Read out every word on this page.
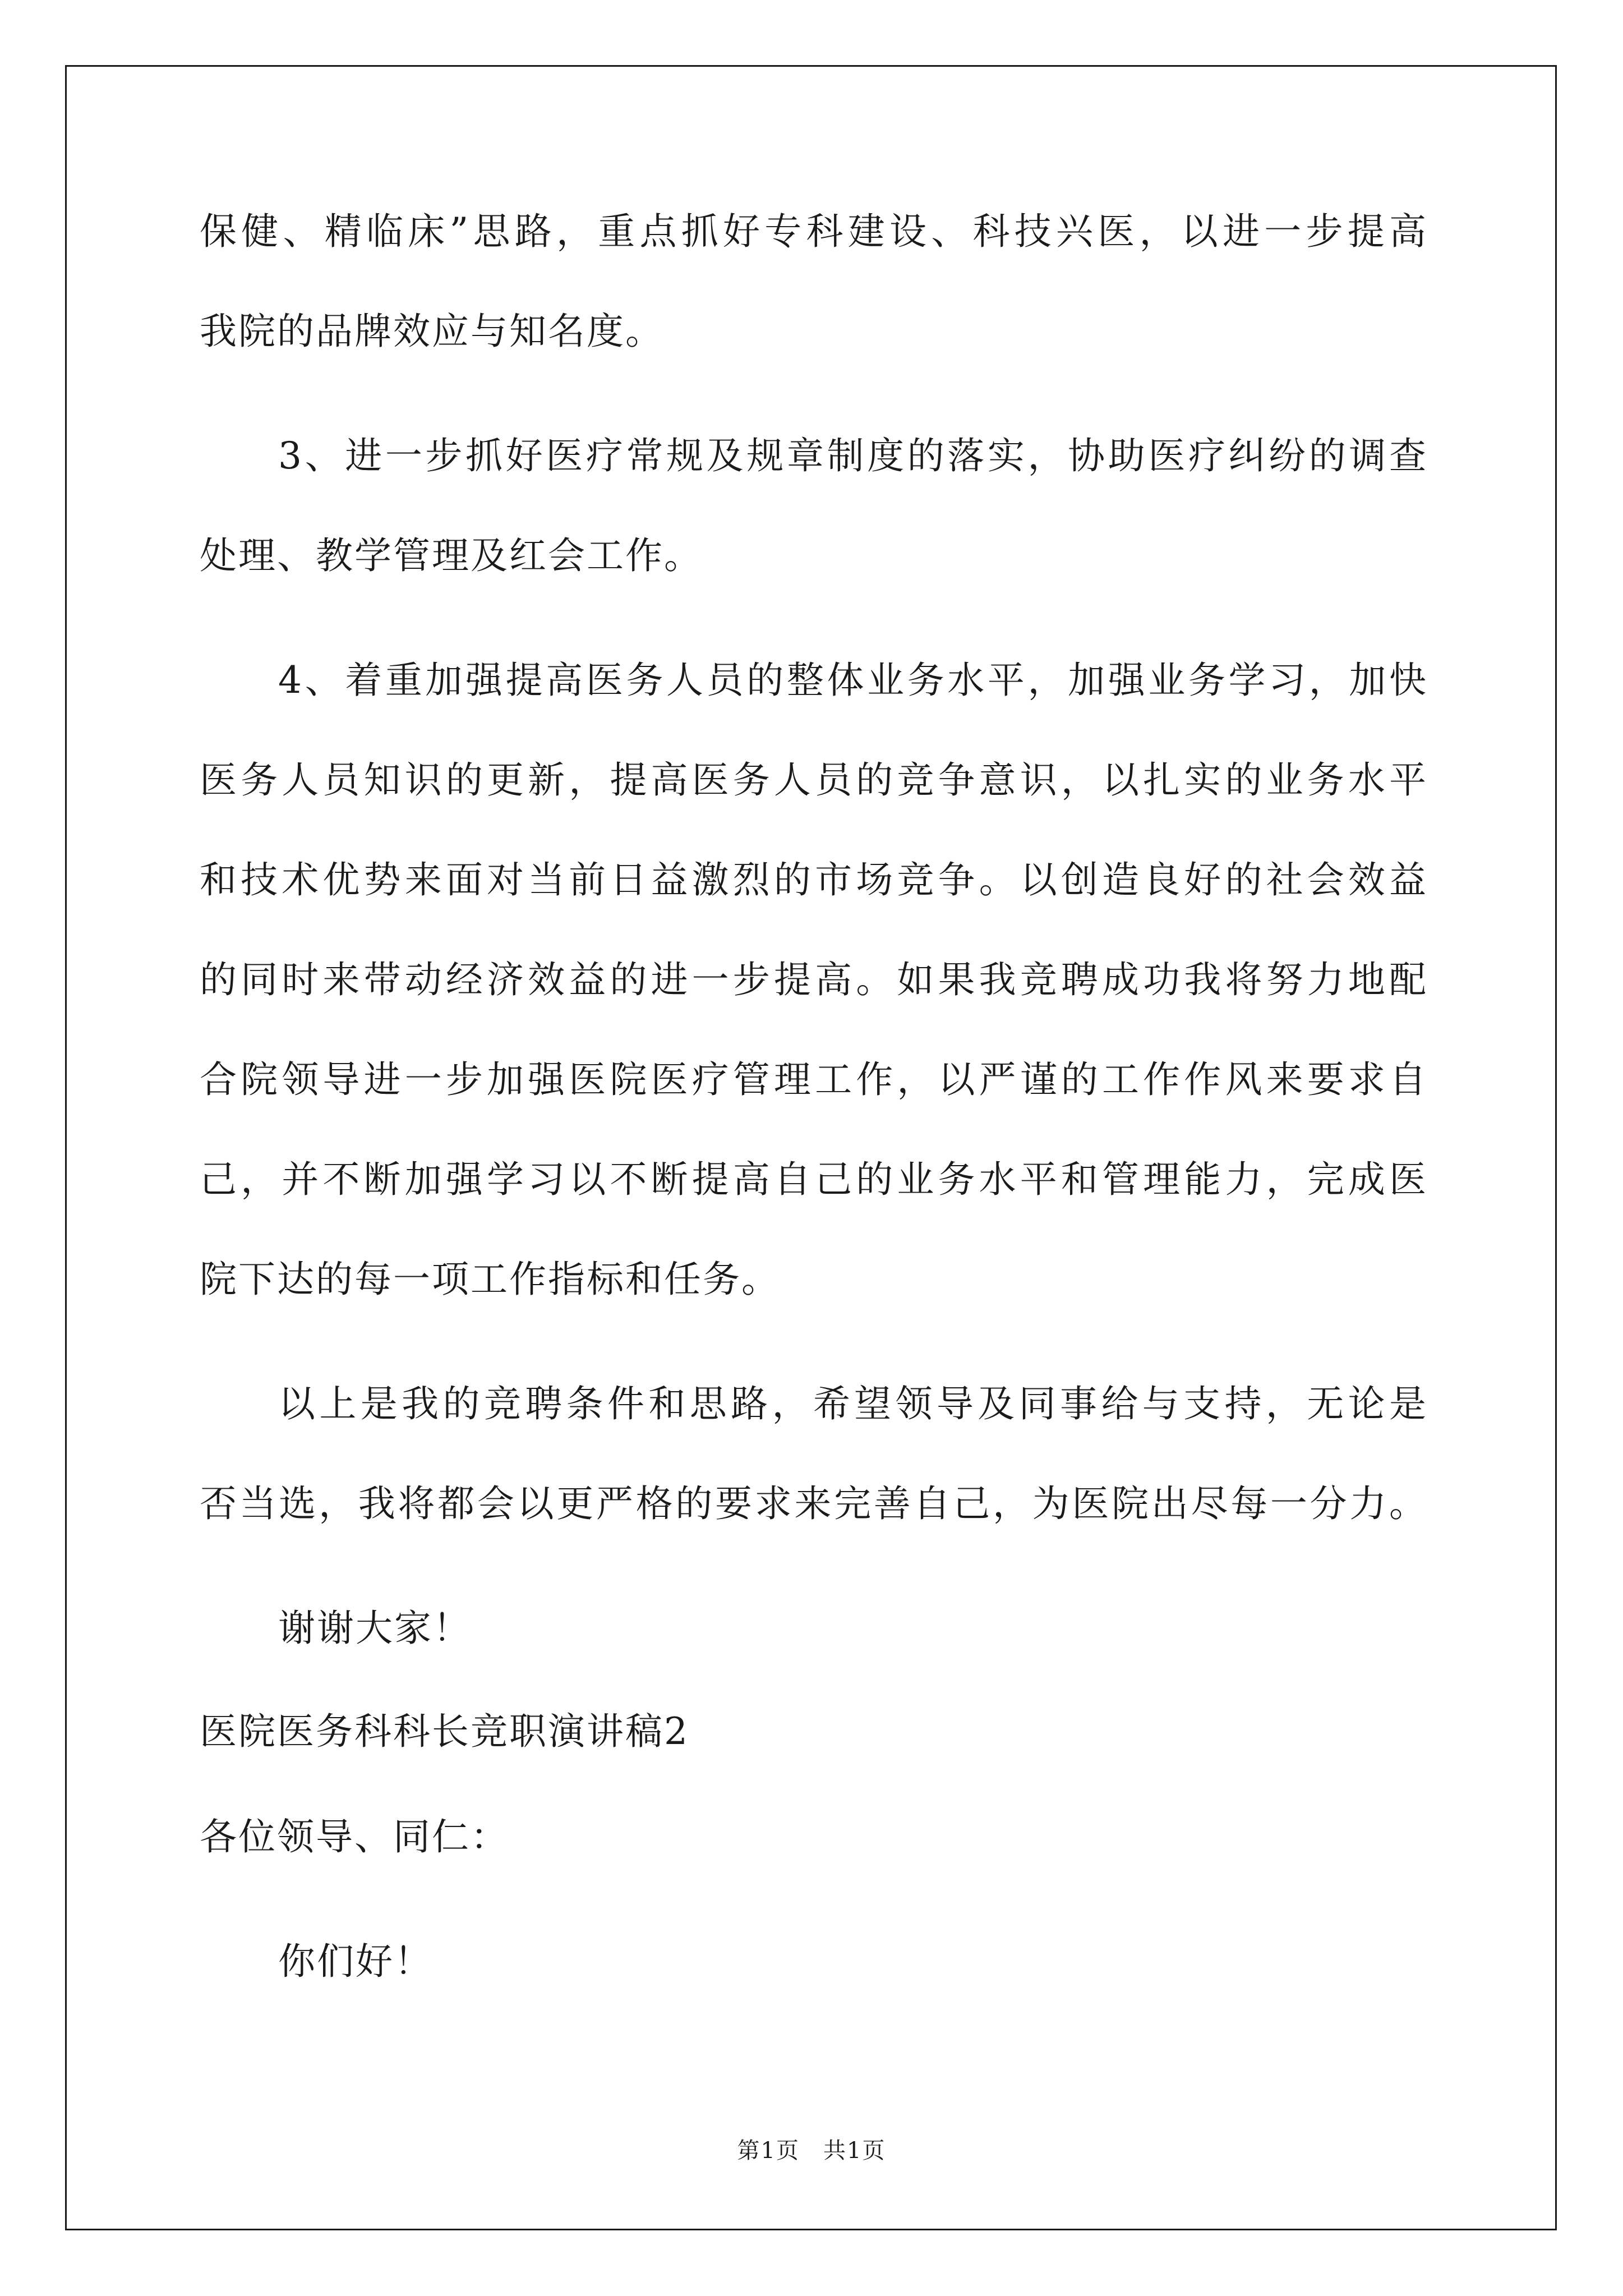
保健、精临床”思路，重点抓好专科建设、科技兴医，以进一步提高
我院的品牌效应与知名度。
3、进一步抓好医疗常规及规章制度的落实，协助医疗纠纷的调查
处理、教学管理及红会工作。
4、着重加强提高医务人员的整体业务水平，加强业务学习，加快
医务人员知识的更新，提高医务人员的竞争意识，以扎实的业务水平
和技术优势来面对当前日益激烈的市场竞争。以创造良好的社会效益
的同时来带动经济效益的进一步提高。如果我竞聘成功我将努力地配
合院领导进一步加强医院医疗管理工作，以严谨的工作作风来要求自
己，并不断加强学习以不断提高自己的业务水平和管理能力，完成医
院下达的每一项工作指标和任务。
以上是我的竞聘条件和思路，希望领导及同事给与支持，无论是
否当选，我将都会以更严格的要求来完善自己，为医院出尽每一分力。
谢谢大家！
医院医务科科长竞职演讲稿2
各位领导、同仁：
你们好！
第1页　共1页
